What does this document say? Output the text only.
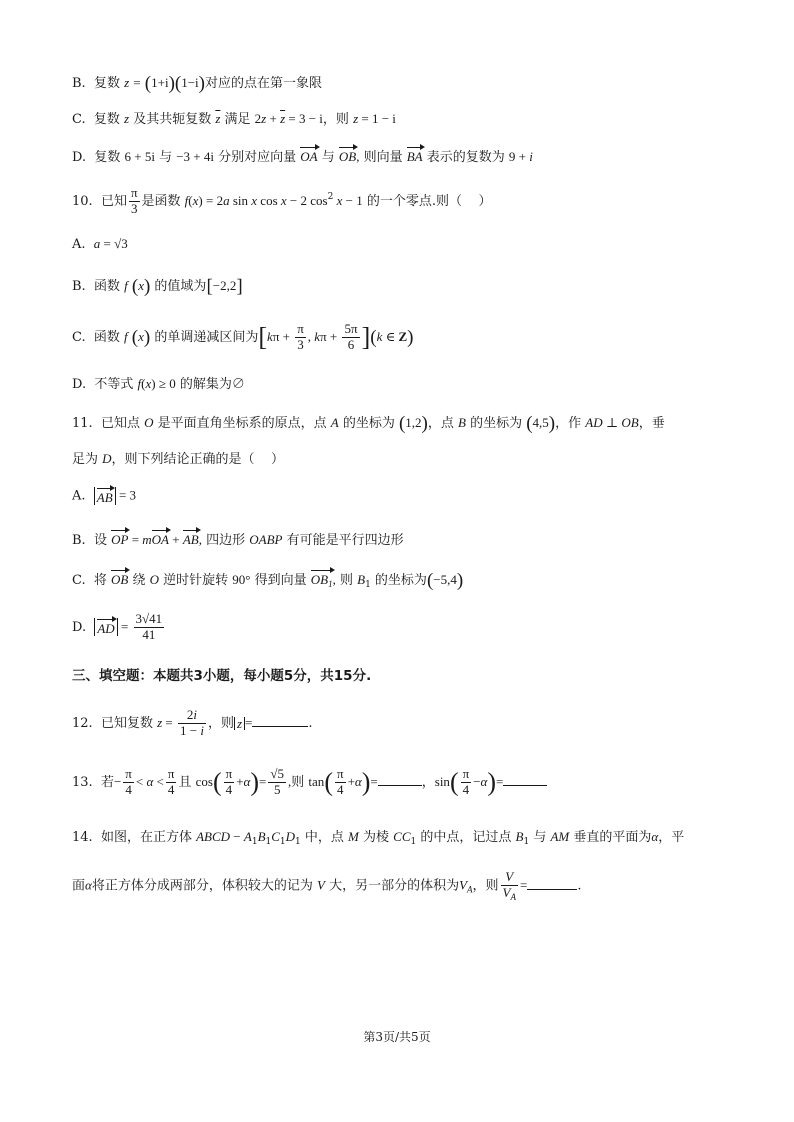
B.  复数 z = (1+i)(1−i)对应的点在第一象限
C.  复数 z 及其共轭复数 $\overline{z}$ 满足 $2z + \overline{z} = 3 - i$，则 z = 1 − i
D.  复数 6 + 5i 与 −3 + 4i 分别对应向量 OA 与 OB, 则向量 BA 表示的复数为 9 + i
10.  已知 $\frac{\pi}{3}$ 是函数 f(x) = 2a sin x cos x − 2 $\cos^2 x - 1$ 的一个零点.则（    ）
A.  a = √3
B.  函数 f (x) 的值域为[−2,2]
C.  函数 f (x) 的单调递减区间为[$k\pi + \frac{\pi}{3}$ , $k\pi + \frac{5\pi}{6} ](k$ ∈ Z)
D.  不等式 f(x) ≥ 0 的解集为∅
11.  已知点 O 是平面直角坐标系的原点，点 A 的坐标为 (1,2)，点 B 的坐标为 (4,5)，作 AD ⊥ OB，垂
足为 D，则下列结论正确的是（    ）
A.  AB = 3
B.  设 OP = mOA + AB, 四边形 OABP 有可能是平行四边形
C.  将 OB 绕 O 逆时针旋转 90° 得到向量 $OB_1$, 则 $B_1$ 的坐标为(−5,4)
D.  AD = $\frac{3√41}{41}$
三、填空题：本题共3小题，每小题5分，共15分.
12.  已知复数 $z = \frac{2i}{1 - i}$ ，则 z =	.
13.  若− $\frac{\pi}{4} < \alpha < \frac{\pi}{4}$ 且 $\cos( \frac{\pi}{4} +\alpha)= \frac{√5}{5}$ ,则 $\tan( \frac{\pi}{4} +\alpha)=$	，$\sin( \frac{\pi}{4} -\alpha)=$
14.  如图，在正方体 ABCD − $A_1B_1C_1D_1$ 中，点 M 为棱 $CC_1$ 的中点，记过点 $B_1$ 与 AM 垂直的平面为α，平
面α将正方体分成两部分，体积较大的记为 V 大，另一部分的体积为$V_A$，则 $\frac{V}{V_A}$ =	.
第3页/共5页
